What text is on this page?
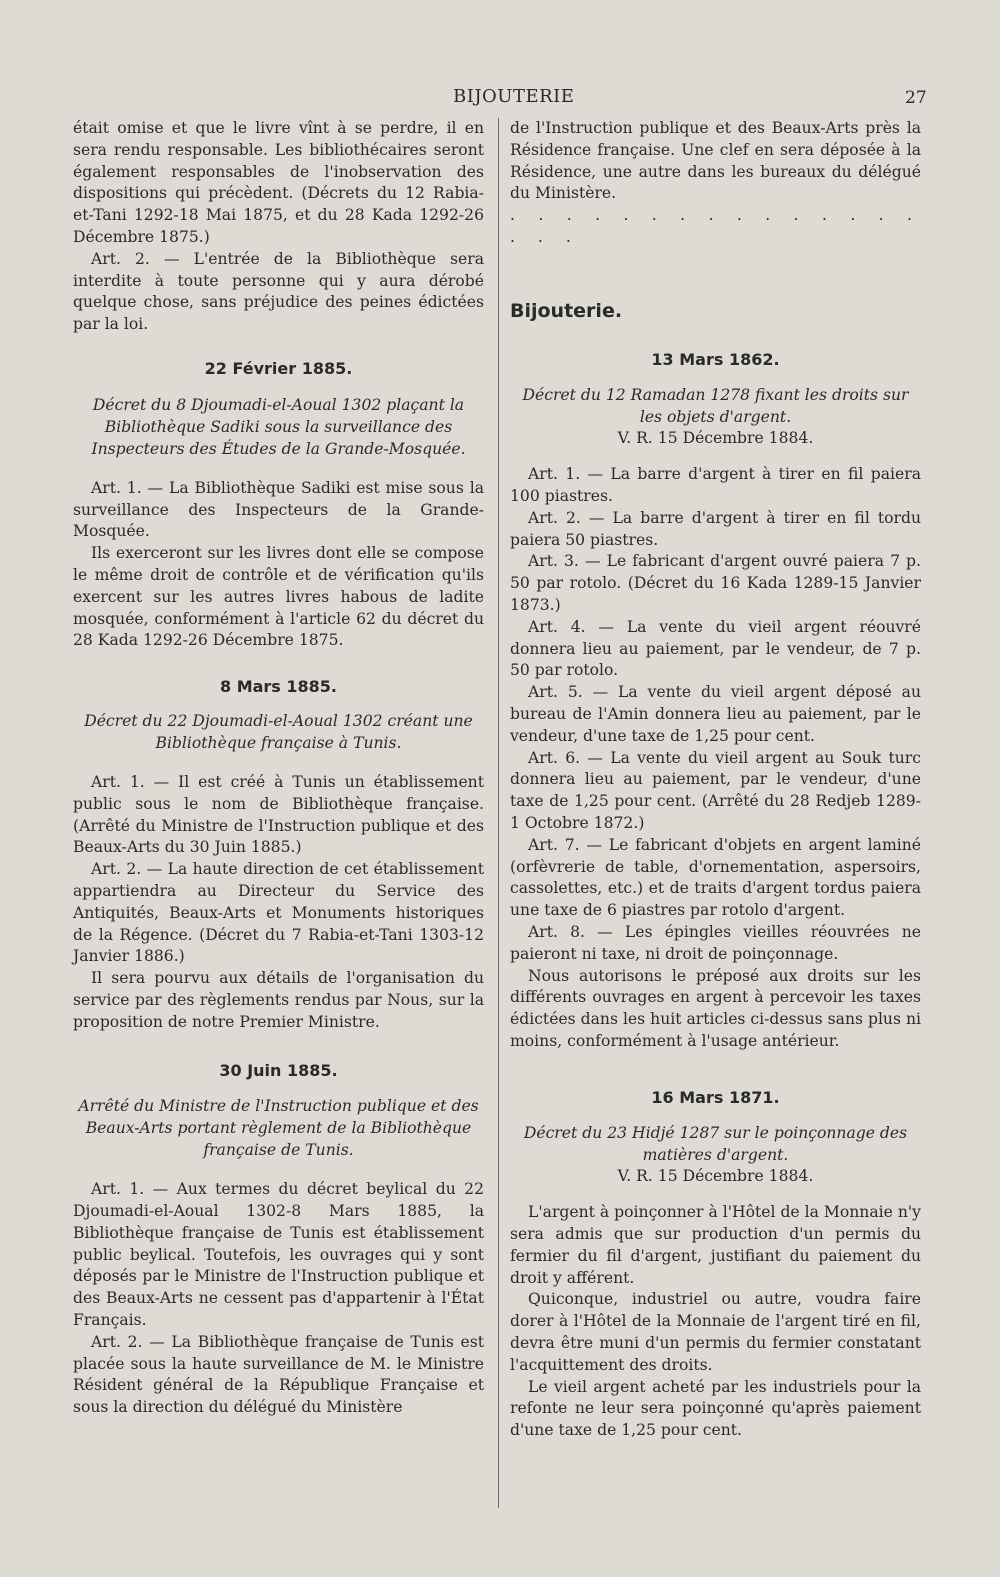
BIJOUTERIE	27

était omise et que le livre vînt à se perdre, il en sera rendu responsable. Les bibliothécaires seront également responsables de l'inobservation des dispositions qui précèdent. (Décrets du 12 Rabia-et-Tani 1292-18 Mai 1875, et du 28 Kada 1292-26 Décembre 1875.)

Art. 2. — L'entrée de la Bibliothèque sera interdite à toute personne qui y aura dérobé quelque chose, sans préjudice des peines édictées par la loi.

22 Février 1885.

Décret du 8 Djoumadi-el-Aoual 1302 plaçant la Bibliothèque Sadiki sous la surveillance des Inspecteurs des Études de la Grande-Mosquée.

Art. 1. — La Bibliothèque Sadiki est mise sous la surveillance des Inspecteurs de la Grande-Mosquée.

Ils exerceront sur les livres dont elle se compose le même droit de contrôle et de vérification qu'ils exercent sur les autres livres habous de ladite mosquée, conformément à l'article 62 du décret du 28 Kada 1292-26 Décembre 1875.

8 Mars 1885.

Décret du 22 Djoumadi-el-Aoual 1302 créant une Bibliothèque française à Tunis.

Art. 1. — Il est créé à Tunis un établissement public sous le nom de Bibliothèque française. (Arrêté du Ministre de l'Instruction publique et des Beaux-Arts du 30 Juin 1885.)

Art. 2. — La haute direction de cet établissement appartiendra au Directeur du Service des Antiquités, Beaux-Arts et Monuments historiques de la Régence. (Décret du 7 Rabia-et-Tani 1303-12 Janvier 1886.)

Il sera pourvu aux détails de l'organisation du service par des règlements rendus par Nous, sur la proposition de notre Premier Ministre.

30 Juin 1885.

Arrêté du Ministre de l'Instruction publique et des Beaux-Arts portant règlement de la Bibliothèque française de Tunis.

Art. 1. — Aux termes du décret beylical du 22 Djoumadi-el-Aoual 1302-8 Mars 1885, la Bibliothèque française de Tunis est établissement public beylical. Toutefois, les ouvrages qui y sont déposés par le Ministre de l'Instruction publique et des Beaux-Arts ne cessent pas d'appartenir à l'État Français.

Art. 2. — La Bibliothèque française de Tunis est placée sous la haute surveillance de M. le Ministre Résident général de la République Française et sous la direction du délégué du Ministère

de l'Instruction publique et des Beaux-Arts près la Résidence française. Une clef en sera déposée à la Résidence, une autre dans les bureaux du délégué du Ministère.

. . . . . . . . . . . . . . . . . .

Bijouterie.

13 Mars 1862.

Décret du 12 Ramadan 1278 fixant les droits sur les objets d'argent.

V. R. 15 Décembre 1884.

Art. 1. — La barre d'argent à tirer en fil paiera 100 piastres.

Art. 2. — La barre d'argent à tirer en fil tordu paiera 50 piastres.

Art. 3. — Le fabricant d'argent ouvré paiera 7 p. 50 par rotolo. (Décret du 16 Kada 1289-15 Janvier 1873.)

Art. 4. — La vente du vieil argent réouvré donnera lieu au paiement, par le vendeur, de 7 p. 50 par rotolo.

Art. 5. — La vente du vieil argent déposé au bureau de l'Amin donnera lieu au paiement, par le vendeur, d'une taxe de 1,25 pour cent.

Art. 6. — La vente du vieil argent au Souk turc donnera lieu au paiement, par le vendeur, d'une taxe de 1,25 pour cent. (Arrêté du 28 Redjeb 1289-1 Octobre 1872.)

Art. 7. — Le fabricant d'objets en argent laminé (orfèvrerie de table, d'ornementation, aspersoirs, cassolettes, etc.) et de traits d'argent tordus paiera une taxe de 6 piastres par rotolo d'argent.

Art. 8. — Les épingles vieilles réouvrées ne paieront ni taxe, ni droit de poinçonnage.

Nous autorisons le préposé aux droits sur les différents ouvrages en argent à percevoir les taxes édictées dans les huit articles ci-dessus sans plus ni moins, conformément à l'usage antérieur.

16 Mars 1871.

Décret du 23 Hidjé 1287 sur le poinçonnage des matières d'argent.

V. R. 15 Décembre 1884.

L'argent à poinçonner à l'Hôtel de la Monnaie n'y sera admis que sur production d'un permis du fermier du fil d'argent, justifiant du paiement du droit y afférent.

Quiconque, industriel ou autre, voudra faire dorer à l'Hôtel de la Monnaie de l'argent tiré en fil, devra être muni d'un permis du fermier constatant l'acquittement des droits.

Le vieil argent acheté par les industriels pour la refonte ne leur sera poinçonné qu'après paiement d'une taxe de 1,25 pour cent.
